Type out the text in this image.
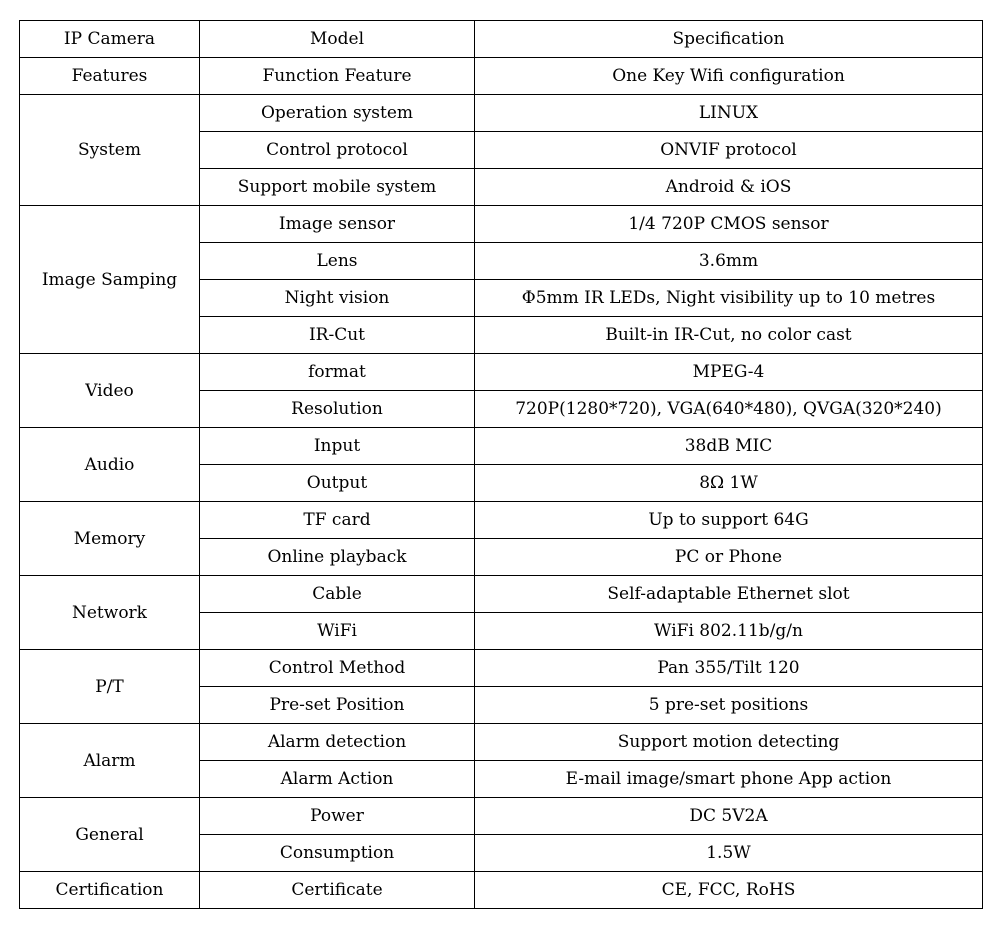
IP Camera	Model	Specification
Features	Function Feature	One Key Wifi configuration
System	Operation system	LINUX
	Control protocol	ONVIF protocol
	Support mobile system	Android & iOS
Image Samping	Image sensor	1/4 720P CMOS sensor
	Lens	3.6mm
	Night vision	Φ5mm IR LEDs, Night visibility up to 10 metres
	IR-Cut	Built-in IR-Cut, no color cast
Video	format	MPEG-4
	Resolution	720P(1280*720), VGA(640*480), QVGA(320*240)
Audio	Input	38dB MIC
	Output	8Ω 1W
Memory	TF card	Up to support 64G
	Online playback	PC or Phone
Network	Cable	Self-adaptable Ethernet slot
	WiFi	WiFi 802.11b/g/n
P/T	Control Method	Pan 355/Tilt 120
	Pre-set Position	5 pre-set positions
Alarm	Alarm detection	Support motion detecting
	Alarm Action	E-mail image/smart phone App action
General	Power	DC 5V2A
	Consumption	1.5W
Certification	Certificate	CE, FCC, RoHS
